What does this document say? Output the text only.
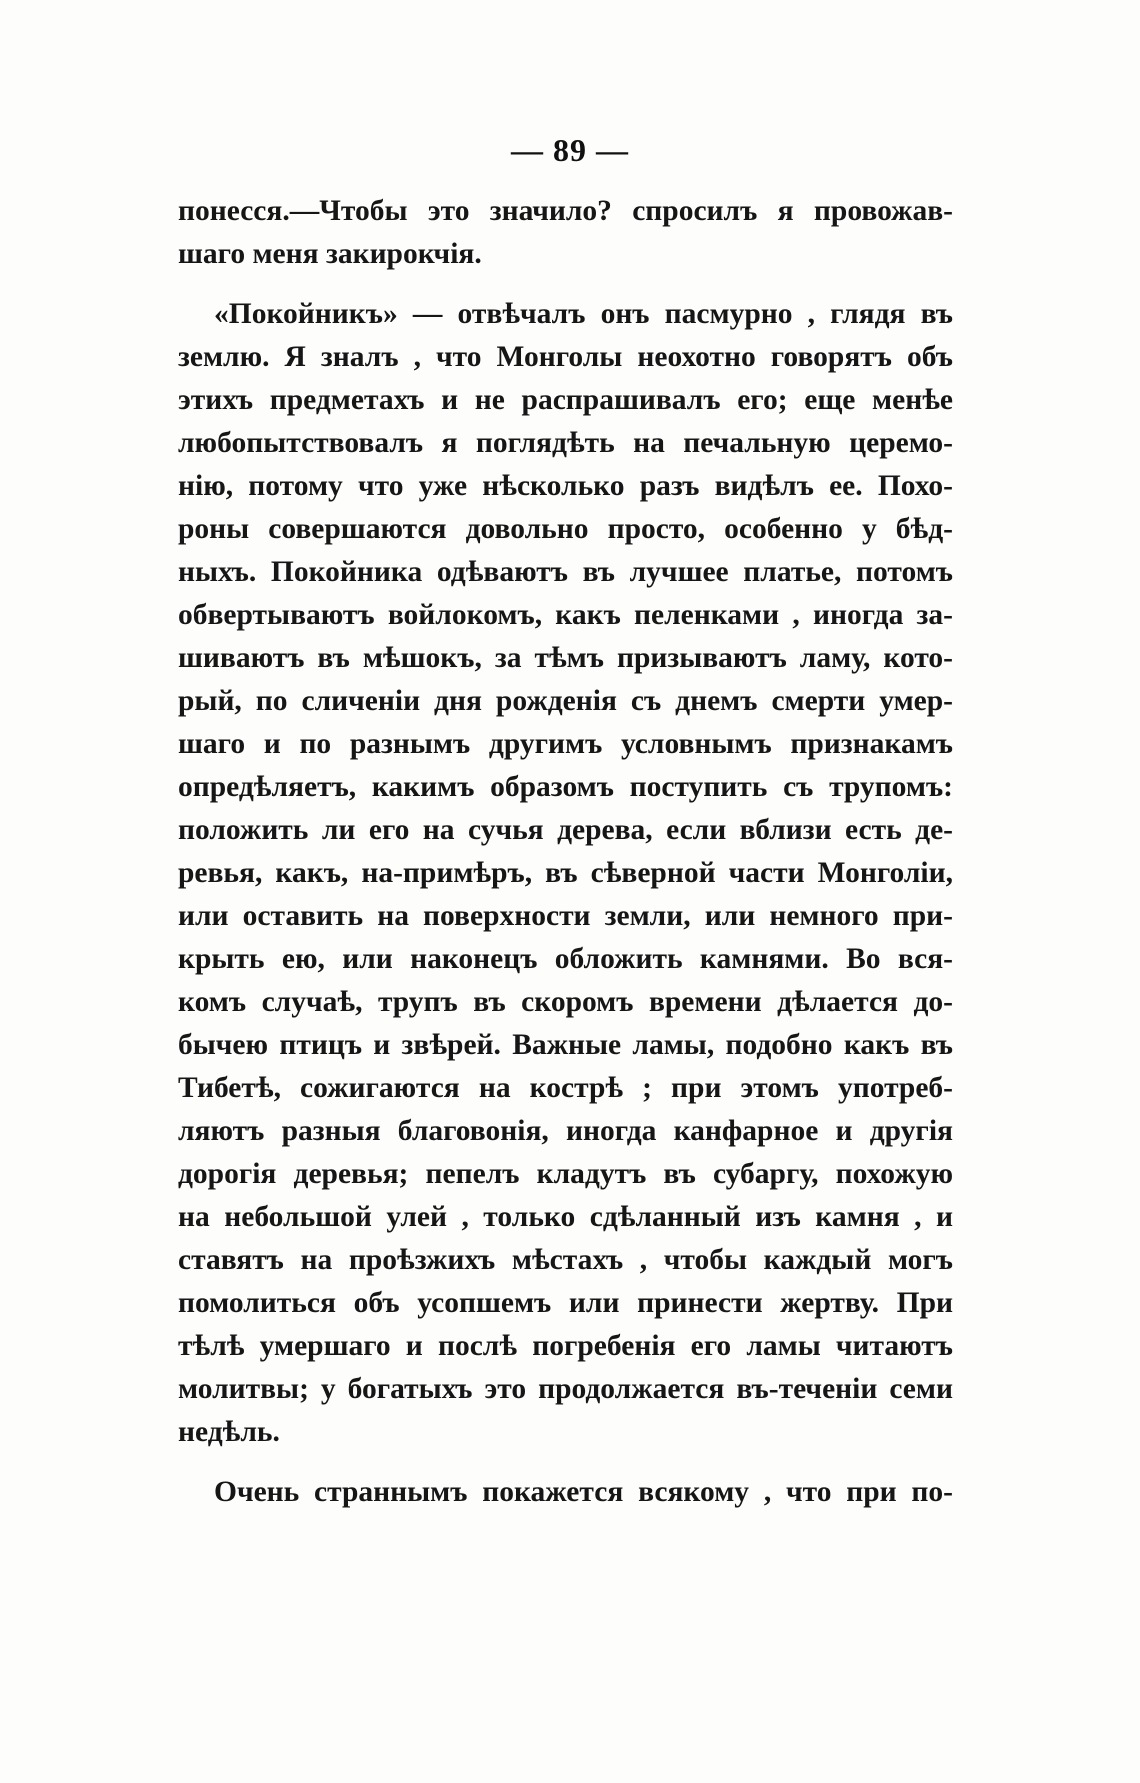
— 89 —
понесся.—Чтобы это значило? спросилъ я провожав-
шаго меня закирокчія.
«Покойникъ» — отвѣчалъ онъ пасмурно , глядя въ
землю. Я зналъ , что Монголы неохотно говорятъ объ
этихъ предметахъ и не распрашивалъ его; еще менѣе
любопытствовалъ я поглядѣть на печальную церемо-
нію, потому что уже нѣсколько разъ видѣлъ ее. Похо-
роны совершаются довольно просто, особенно у бѣд-
ныхъ. Покойника одѣваютъ въ лучшее платье, потомъ
обвертываютъ войлокомъ, какъ пеленками , иногда за-
шиваютъ въ мѣшокъ, за тѣмъ призываютъ ламу, кото-
рый, по сличеніи дня рожденія съ днемъ смерти умер-
шаго и по разнымъ другимъ условнымъ признакамъ
опредѣляетъ, какимъ образомъ поступить съ трупомъ:
положить ли его на сучья дерева, если вблизи есть де-
ревья, какъ, на-примѣръ, въ сѣверной части Монголіи,
или оставить на поверхности земли, или немного при-
крыть ею, или наконецъ обложить камнями. Во вся-
комъ случаѣ, трупъ въ скоромъ времени дѣлается до-
бычею птицъ и звѣрей. Важные ламы, подобно какъ въ
Тибетѣ, сожигаются на кострѣ ; при этомъ употреб-
ляютъ разныя благовонія, иногда канфарное и другія
дорогія деревья; пепелъ кладутъ въ субаргу, похожую
на небольшой улей , только сдѣланный изъ камня , и
ставятъ на проѣзжихъ мѣстахъ , чтобы каждый могъ
помолиться объ усопшемъ или принести жертву. При
тѣлѣ умершаго и послѣ погребенія его ламы читаютъ
молитвы; у богатыхъ это продолжается въ-теченіи семи
недѣль.
Очень страннымъ покажется всякому , что при по-
